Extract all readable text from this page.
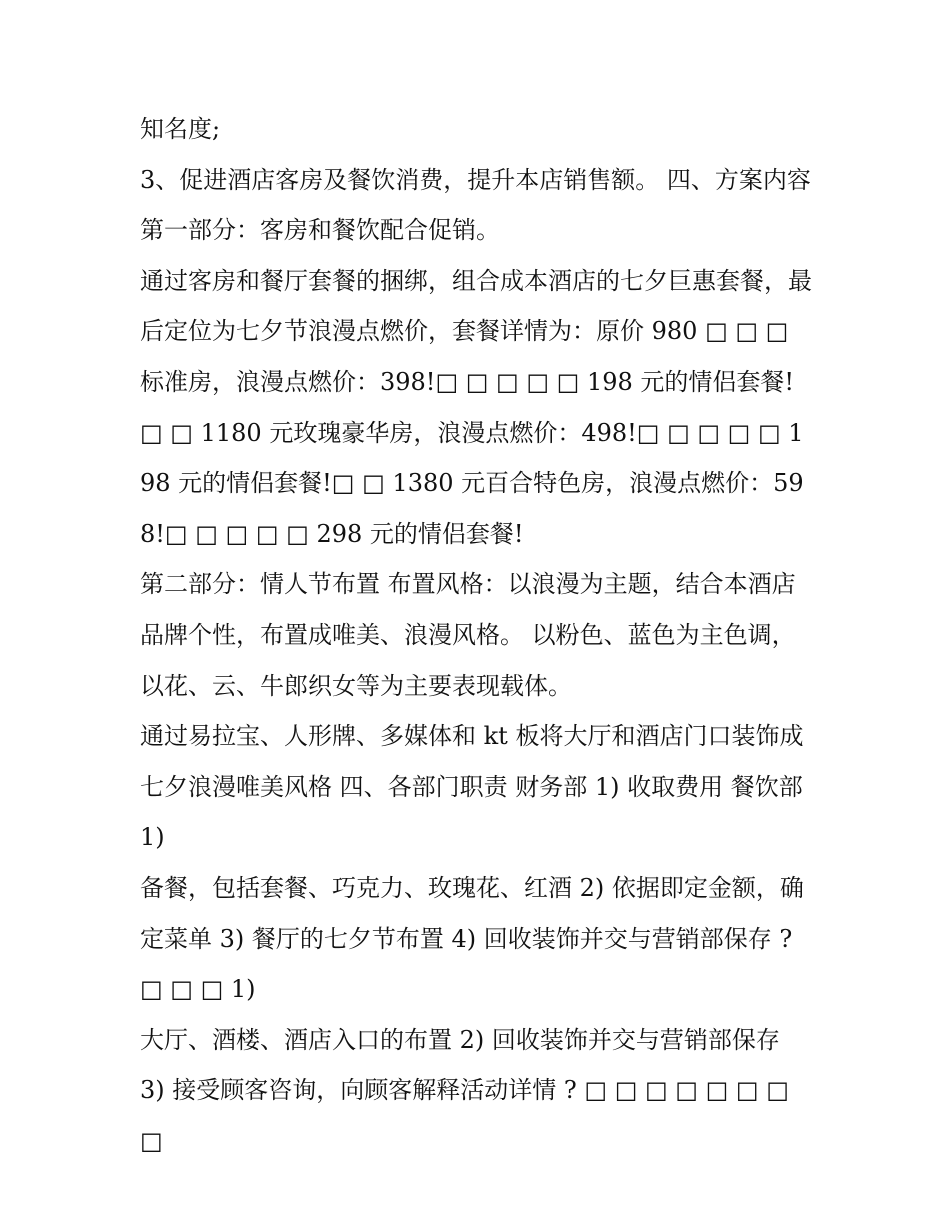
知名度;

3、促进酒店客房及餐饮消费，提升本店销售额。 四、方案内容 第一部分：客房和餐饮配合促销。

通过客房和餐厅套餐的捆绑，组合成本酒店的七夕巨惠套餐，最后定位为七夕节浪漫点燃价，套餐详情为：原价 980 □ □ □ 标准房，浪漫点燃价：398!□ □ □ □ □ 198 元的情侣套餐!□ □ 1180 元玫瑰豪华房，浪漫点燃价：498!□ □ □ □ □ 198 元的情侣套餐!□ □ 1380 元百合特色房，浪漫点燃价：598!□ □ □ □ □ 298 元的情侣套餐!

第二部分：情人节布置 布置风格：以浪漫为主题，结合本酒店品牌个性，布置成唯美、浪漫风格。 以粉色、蓝色为主色调，以花、云、牛郎织女等为主要表现载体。

通过易拉宝、人形牌、多媒体和 kt 板将大厅和酒店门口装饰成七夕浪漫唯美风格 四、各部门职责 财务部 1) 收取费用 餐饮部 1)

备餐，包括套餐、巧克力、玫瑰花、红酒 2) 依据即定金额，确定菜单 3) 餐厅的七夕节布置 4) 回收装饰并交与营销部保存 ? □ □ □ 1)

大厅、酒楼、酒店入口的布置 2) 回收装饰并交与营销部保存 3) 接受顾客咨询，向顾客解释活动详情 ? □ □ □ □ □ □ □ □
